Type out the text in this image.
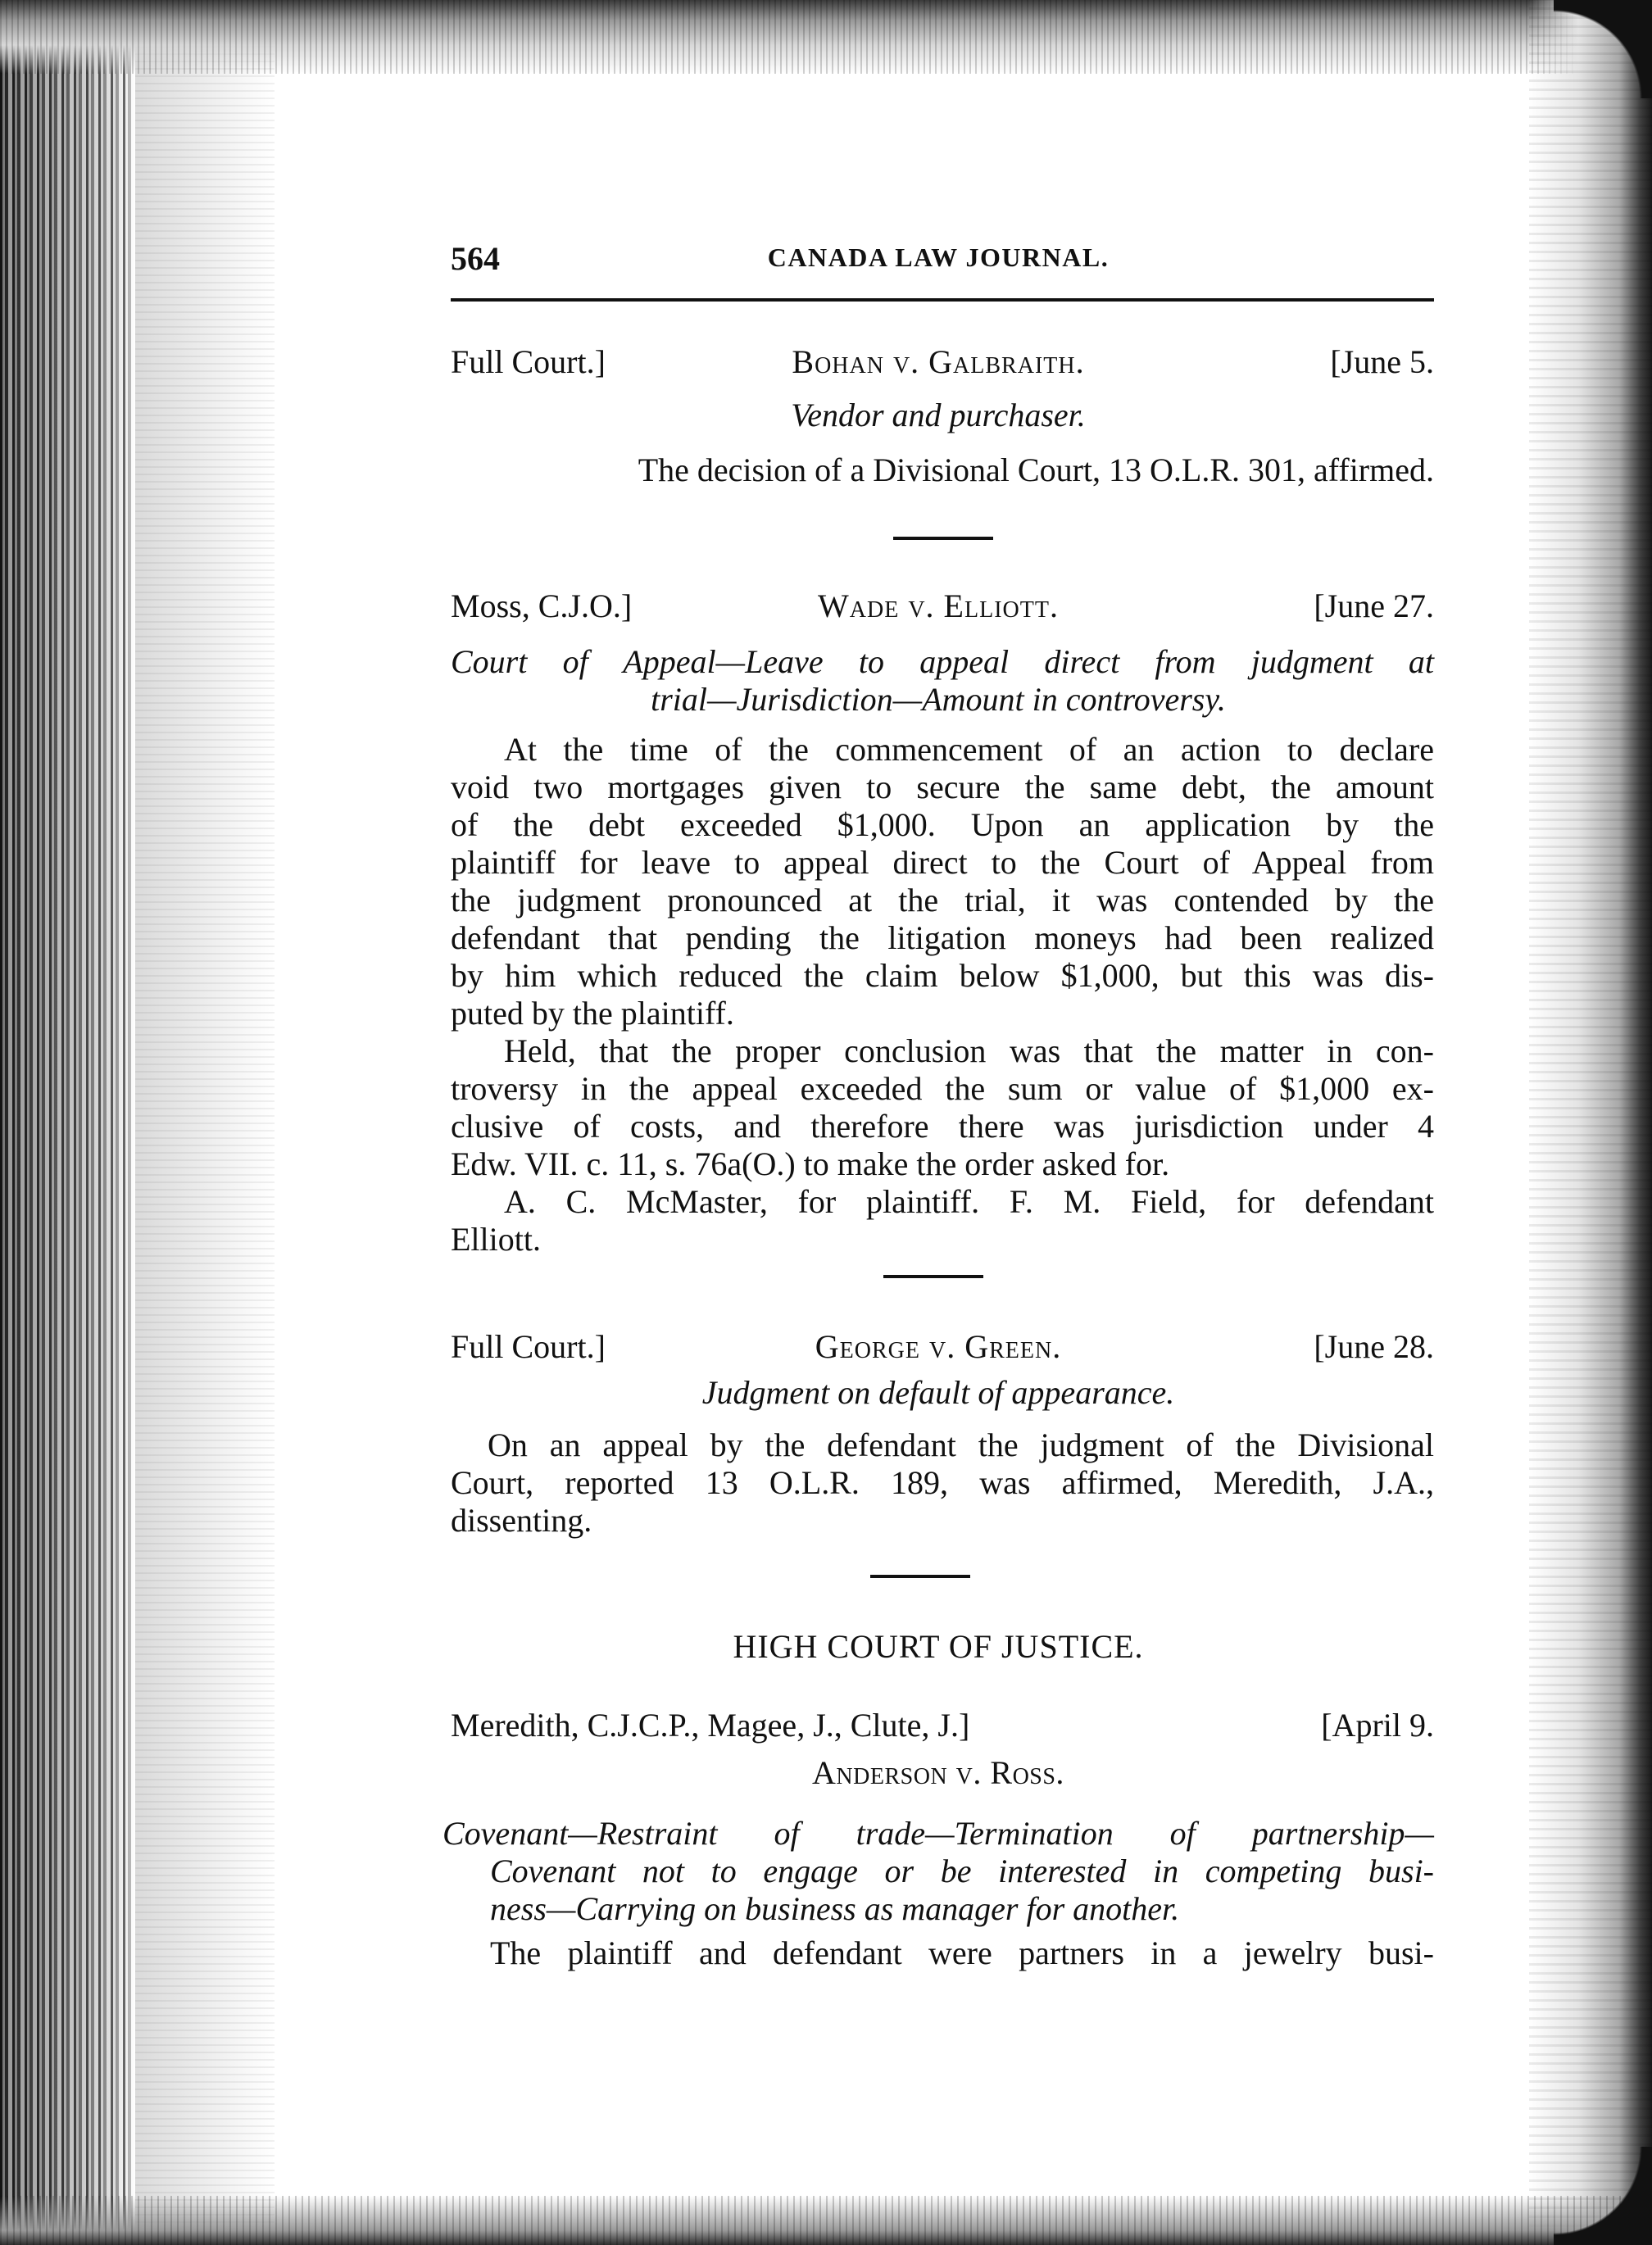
564	CANADA LAW JOURNAL.
Full Court.]	Bohan v. Galbraith.	[June 5.
Vendor and purchaser.
The decision of a Divisional Court, 13 O.L.R. 301, affirmed.
Moss, C.J.O.]	Wade v. Elliott.	[June 27.
Court of Appeal—Leave to appeal direct from judgment at
trial—Jurisdiction—Amount in controversy.
At the time of the commencement of an action to declare
void two mortgages given to secure the same debt, the amount
of the debt exceeded $1,000. Upon an application by the
plaintiff for leave to appeal direct to the Court of Appeal from
the judgment pronounced at the trial, it was contended by the
defendant that pending the litigation moneys had been realized
by him which reduced the claim below $1,000, but this was dis-
puted by the plaintiff.
Held, that the proper conclusion was that the matter in con-
troversy in the appeal exceeded the sum or value of $1,000 ex-
clusive of costs, and therefore there was jurisdiction under 4
Edw. VII. c. 11, s. 76a(O.) to make the order asked for.
A. C. McMaster, for plaintiff. F. M. Field, for defendant
Elliott.
Full Court.]	George v. Green.	[June 28.
Judgment on default of appearance.
On an appeal by the defendant the judgment of the Divisional
Court, reported 13 O.L.R. 189, was affirmed, Meredith, J.A.,
dissenting.
HIGH COURT OF JUSTICE.
Meredith, C.J.C.P., Magee, J., Clute, J.]	[April 9.
Anderson v. Ross.
Covenant—Restraint of trade—Termination of partnership—
Covenant not to engage or be interested in competing busi-
ness—Carrying on business as manager for another.
The plaintiff and defendant were partners in a jewelry busi-
